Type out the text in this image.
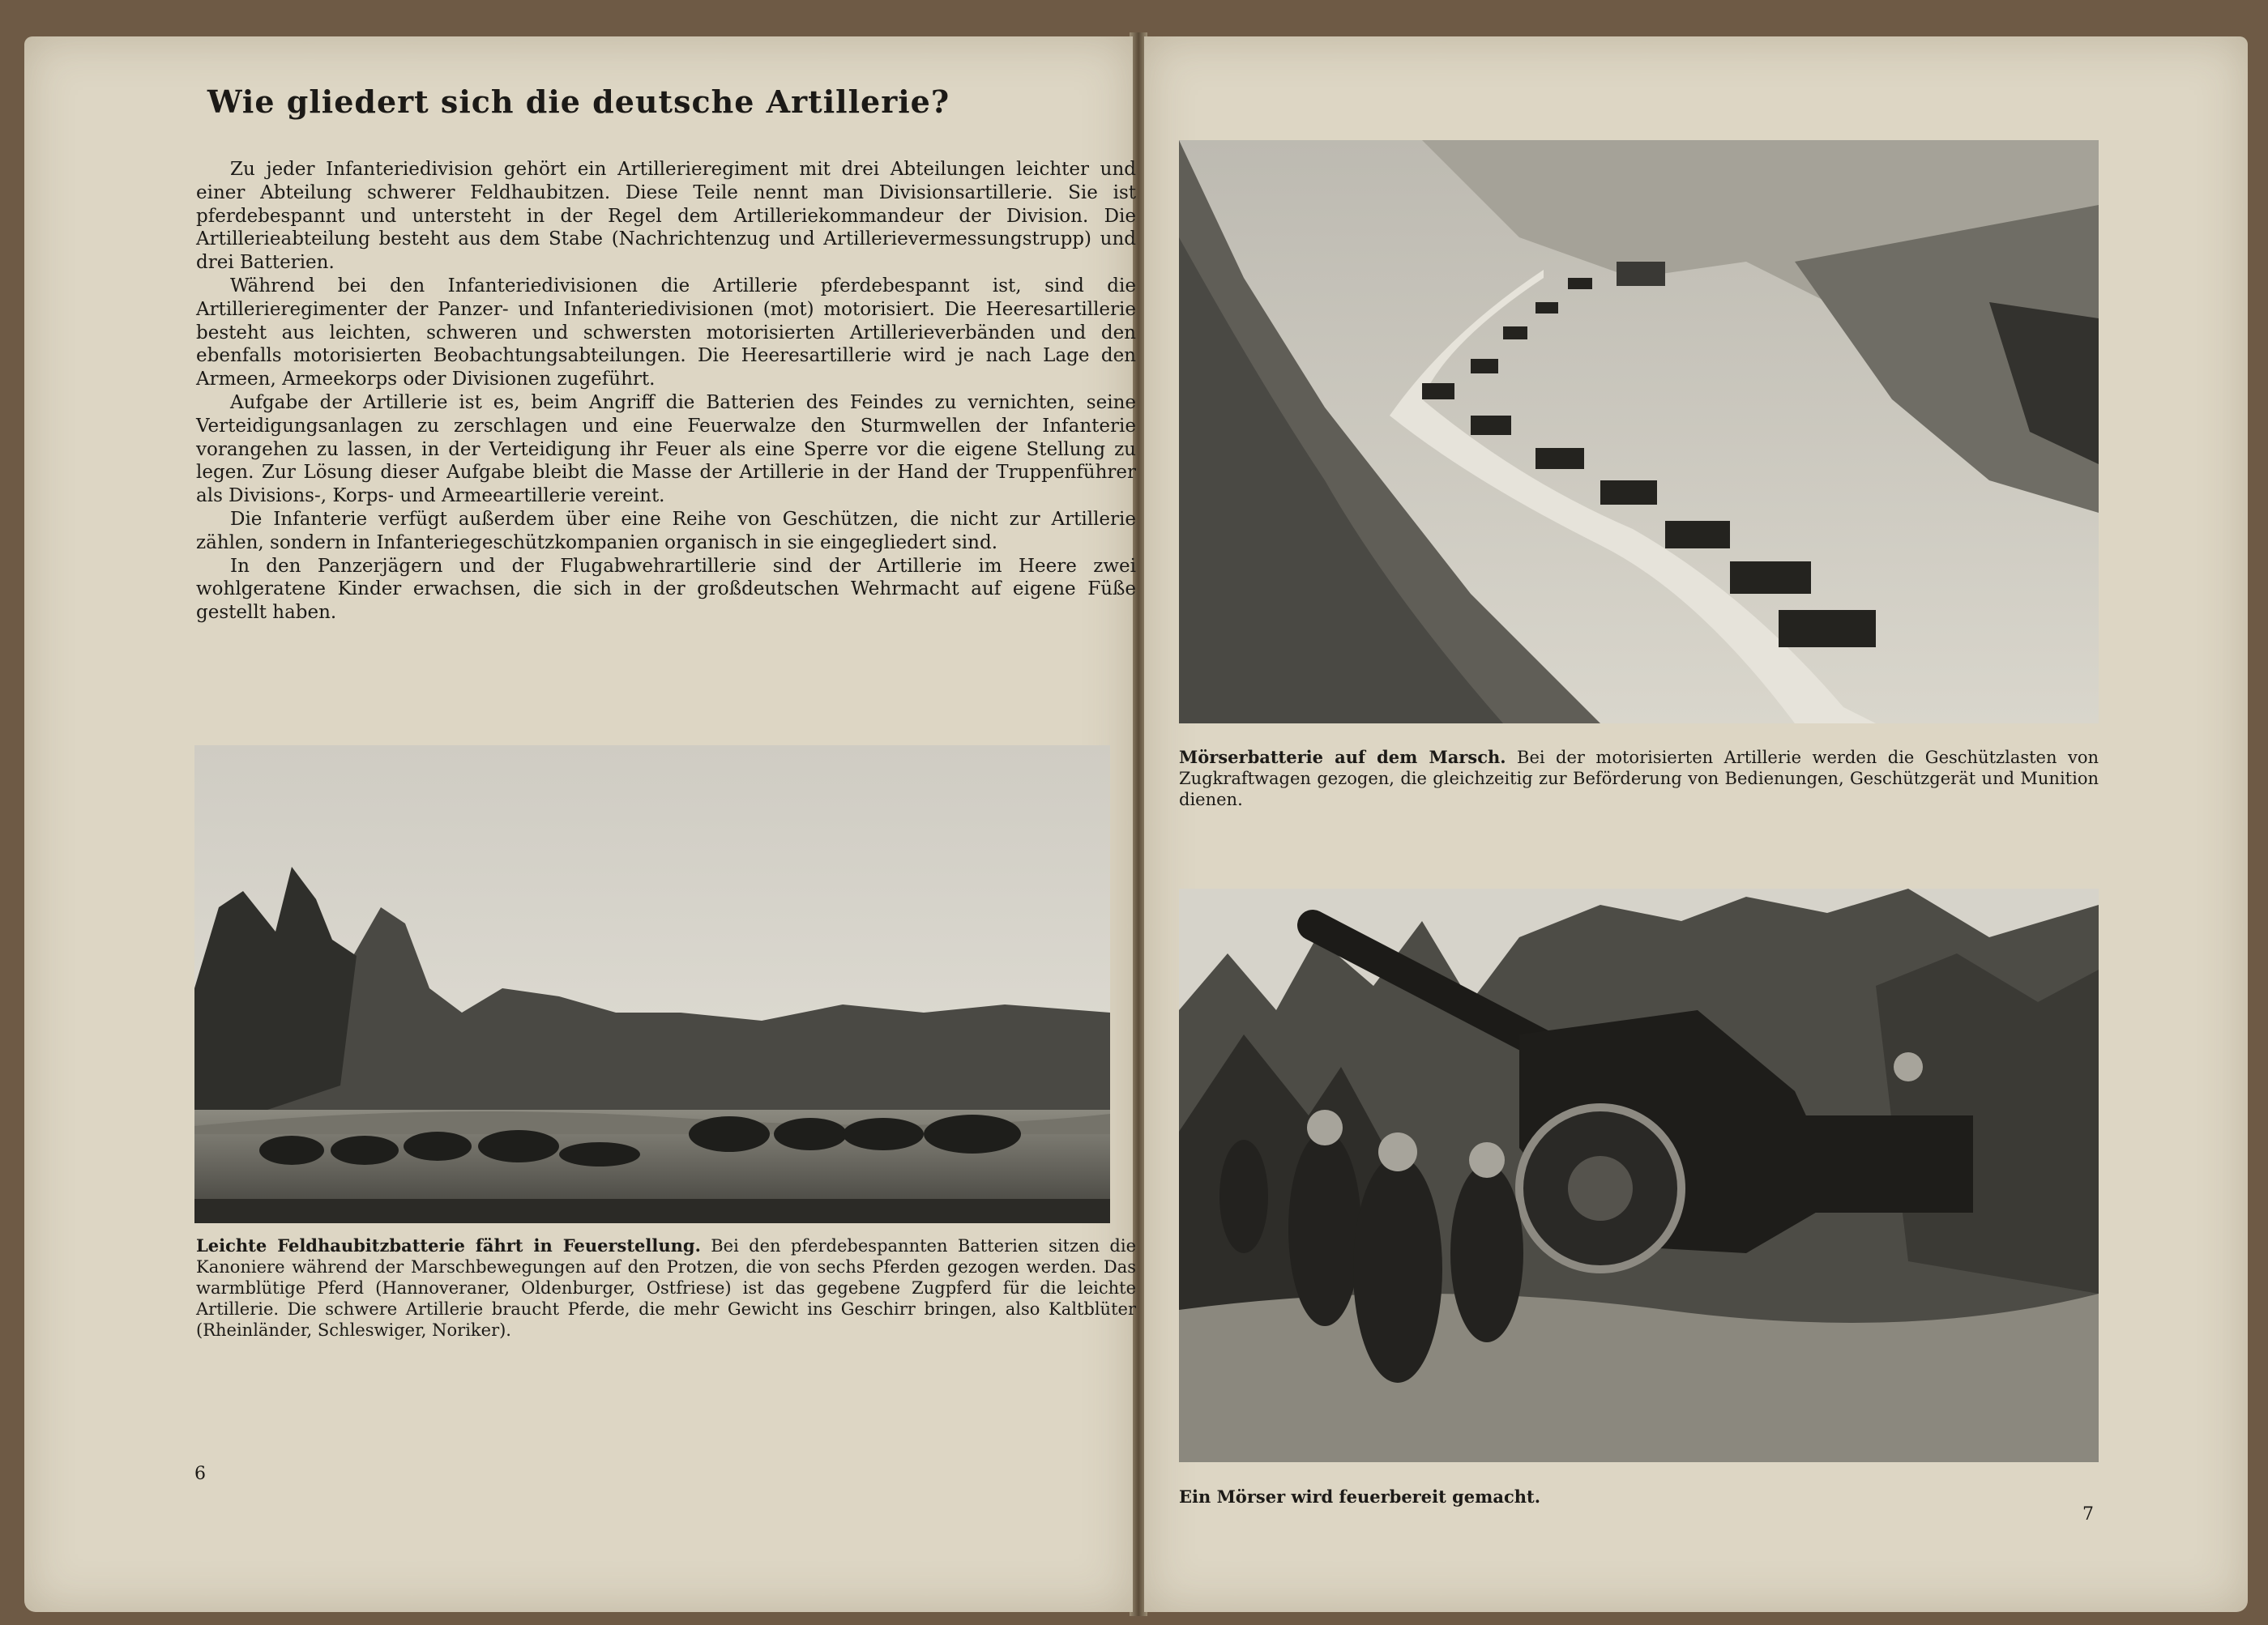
Wie gliedert sich die deutsche Artillerie?

Zu jeder Infanteriedivision gehört ein Artillerieregiment mit drei Abteilungen leichter und einer Abteilung schwerer Feldhaubitzen. Diese Teile nennt man Divisionsartillerie. Sie ist pferdebespannt und untersteht in der Regel dem Artilleriekommandeur der Division. Die Artillerieabteilung besteht aus dem Stabe (Nachrichtenzug und Artillerievermessungstrupp) und drei Batterien.

Während bei den Infanteriedivisionen die Artillerie pferdebespannt ist, sind die Artillerieregimenter der Panzer- und Infanteriedivisionen (mot) motorisiert. Die Heeresartillerie besteht aus leichten, schweren und schwersten motorisierten Artillerieverbänden und den ebenfalls motorisierten Beobachtungsabteilungen. Die Heeresartillerie wird je nach Lage den Armeen, Armeekorps oder Divisionen zugeführt.

Aufgabe der Artillerie ist es, beim Angriff die Batterien des Feindes zu vernichten, seine Verteidigungsanlagen zu zerschlagen und eine Feuerwalze den Sturmwellen der Infanterie vorangehen zu lassen, in der Verteidigung ihr Feuer als eine Sperre vor die eigene Stellung zu legen. Zur Lösung dieser Aufgabe bleibt die Masse der Artillerie in der Hand der Truppenführer als Divisions-, Korps- und Armeeartillerie vereint.

Die Infanterie verfügt außerdem über eine Reihe von Geschützen, die nicht zur Artillerie zählen, sondern in Infanteriegeschützkompanien organisch in sie eingegliedert sind.

In den Panzerjägern und der Flugabwehrartillerie sind der Artillerie im Heere zwei wohlgeratene Kinder erwachsen, die sich in der großdeutschen Wehrmacht auf eigene Füße gestellt haben.

Leichte Feldhaubitzbatterie fährt in Feuerstellung. Bei den pferdebespannten Batterien sitzen die Kanoniere während der Marschbewegungen auf den Protzen, die von sechs Pferden gezogen werden. Das warmblütige Pferd (Hannoveraner, Oldenburger, Ostfriese) ist das gegebene Zugpferd für die leichte Artillerie. Die schwere Artillerie braucht Pferde, die mehr Gewicht ins Geschirr bringen, also Kaltblüter (Rheinländer, Schleswiger, Noriker).
6
Mörserbatterie auf dem Marsch. Bei der motorisierten Artillerie werden die Geschützlasten von Zugkraftwagen gezogen, die gleichzeitig zur Beförderung von Bedienungen, Geschützgerät und Munition dienen.
Ein Mörser wird feuerbereit gemacht.
7
